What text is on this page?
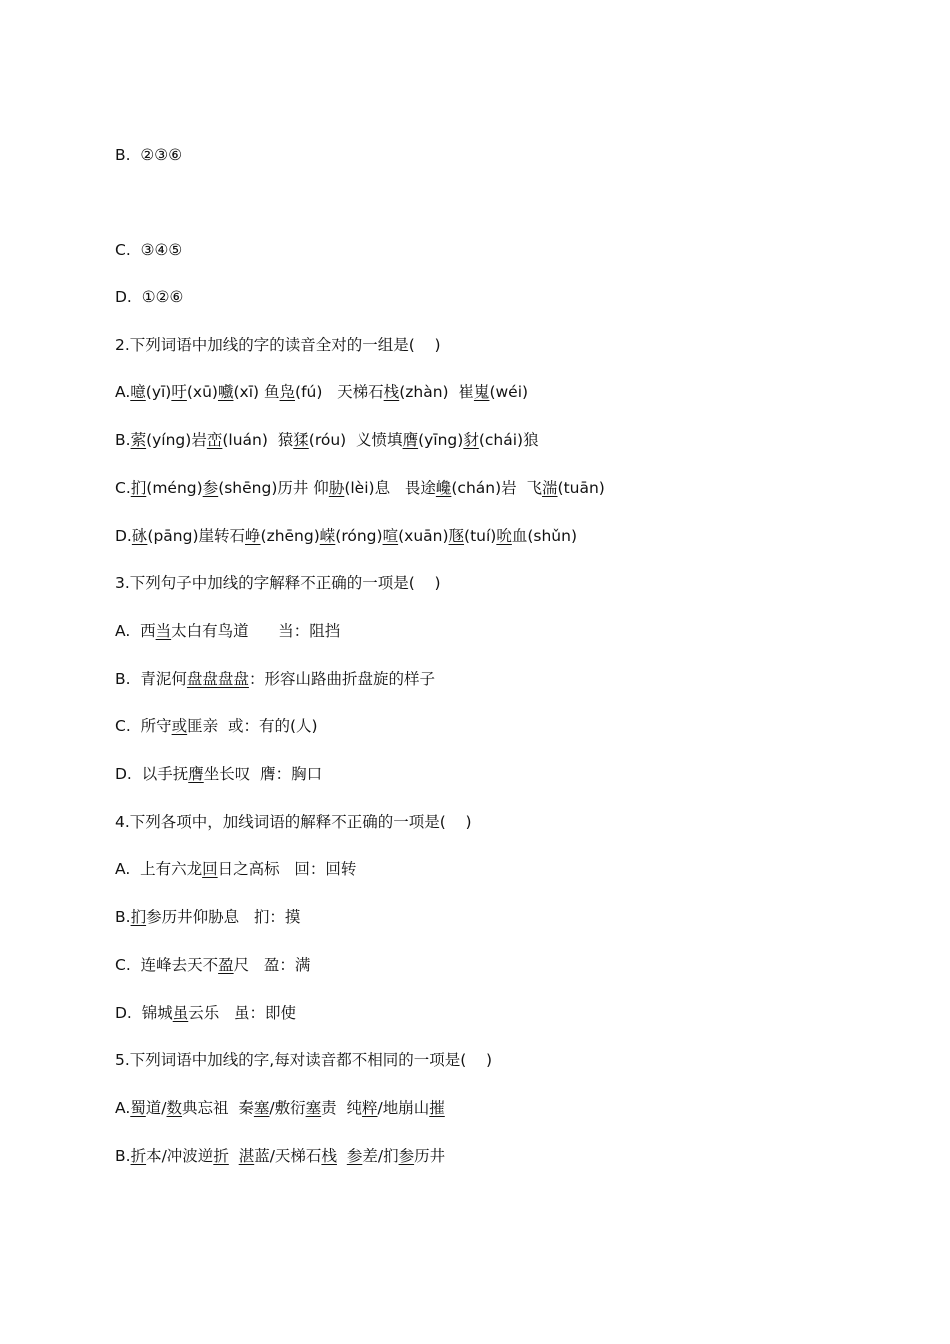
B.  ②③⑥
C.  ③④⑤
D.  ①②⑥
2.下列词语中加线的字的读音全对的一组是(    )
A.噫(yī)吁(xū)嚱(xī) 鱼凫(fú)   天梯石栈(zhàn)  崔嵬(wéi)
B.萦(yíng)岩峦(luán)  猿猱(róu)  义愤填膺(yīng)豺(chái)狼
C.扪(méng)参(shēng)历井 仰胁(lèi)息   畏途巉(chán)岩  飞湍(tuān)
D.砯(pāng)崖转石峥(zhēng)嵘(róng)喧(xuān)豗(tuí)吮血(shǔn)
3.下列句子中加线的字解释不正确的一项是(    )
A.  西当太白有鸟道      当：阻挡
B.  青泥何盘盘盘盘：形容山路曲折盘旋的样子
C.  所守或匪亲  或：有的(人)
D.  以手抚膺坐长叹  膺：胸口
4.下列各项中，加线词语的解释不正确的一项是(    )
A.  上有六龙回日之高标   回：回转
B.扪参历井仰胁息   扪：摸
C.  连峰去天不盈尺   盈：满
D.  锦城虽云乐   虽：即使
5.下列词语中加线的字,每对读音都不相同的一项是(    )
A.蜀道/数典忘祖  秦塞/敷衍塞责  纯粹/地崩山摧
B.折本/冲波逆折 湛蓝/天梯石栈 参差/扪参历井
